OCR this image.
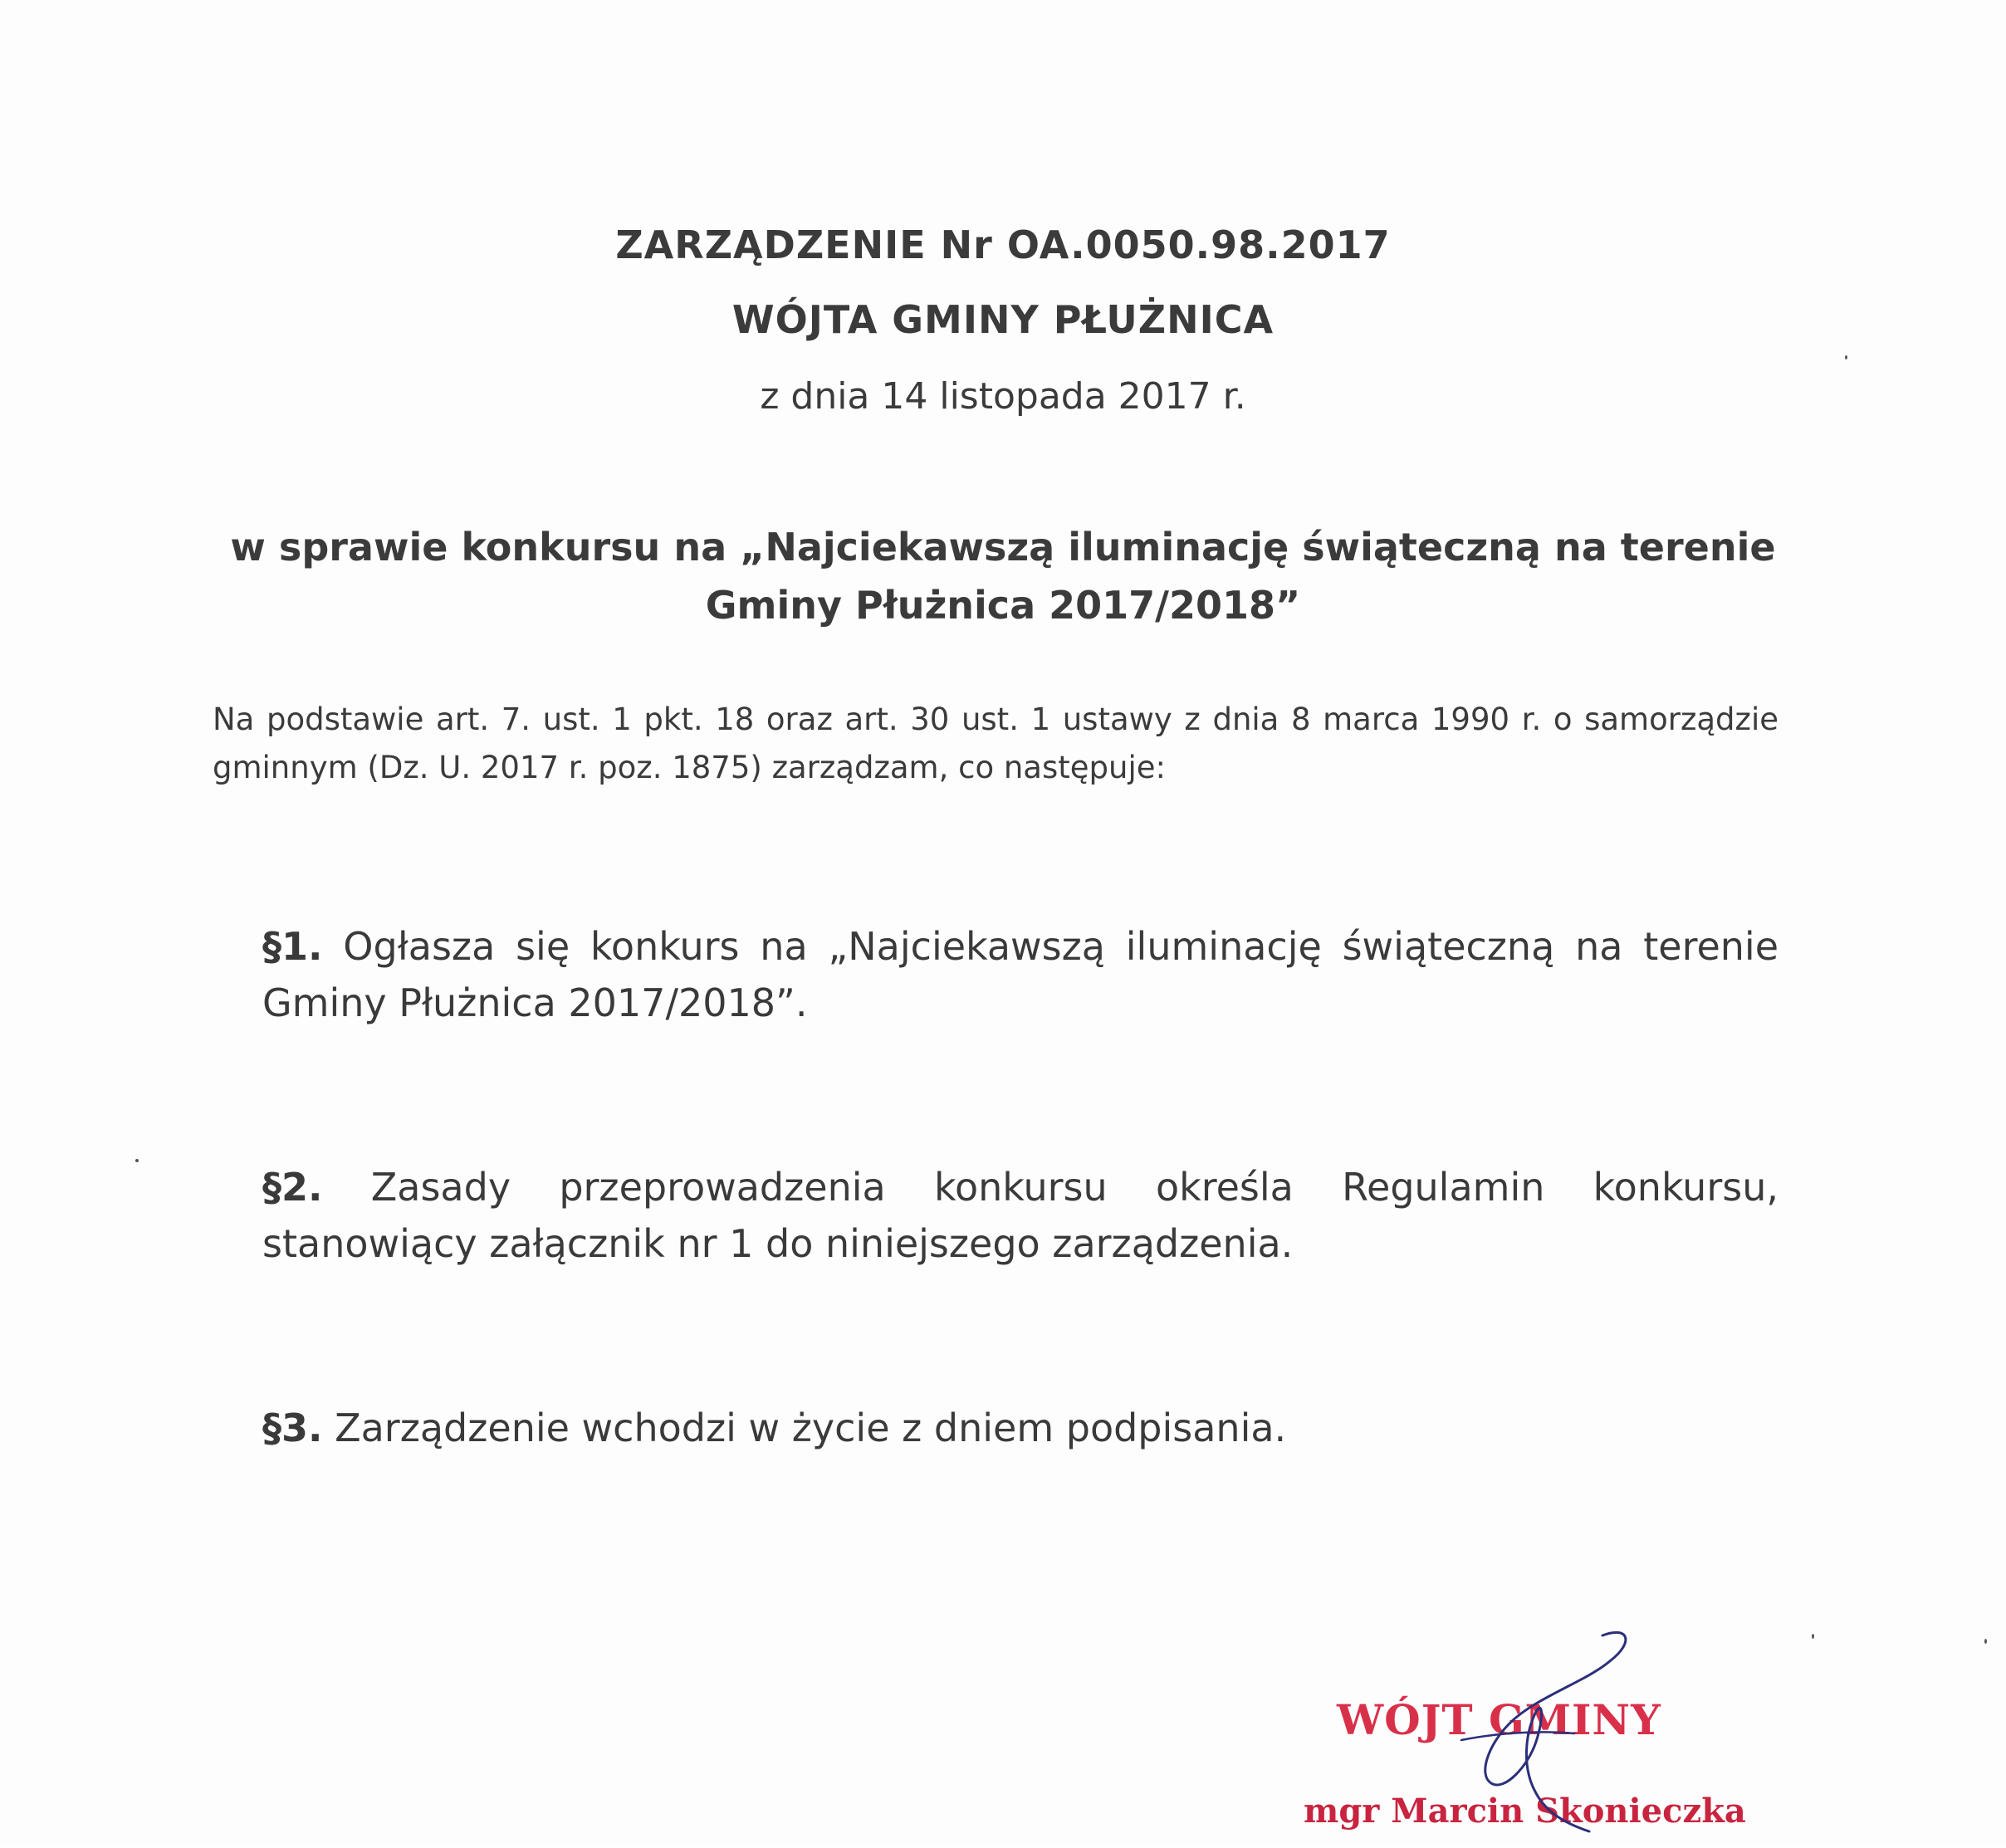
ZARZĄDZENIE Nr OA.0050.98.2017
WÓJTA GMINY PŁUŻNICA
z dnia 14 listopada 2017 r.
w sprawie konkursu na „Najciekawszą iluminację świąteczną na terenie
Gminy Płużnica 2017/2018”
Na podstawie art. 7. ust. 1 pkt. 18 oraz art. 30 ust. 1 ustawy z dnia 8 marca 1990 r. o samorządzie gminnym (Dz. U. 2017 r. poz. 1875) zarządzam, co następuje:
§1. Ogłasza się konkurs na „Najciekawszą iluminację świąteczną na terenie Gminy Płużnica 2017/2018”.
§2. Zasady przeprowadzenia konkursu określa Regulamin konkursu, stanowiący załącznik nr 1 do niniejszego zarządzenia.
§3. Zarządzenie wchodzi w życie z dniem podpisania.
WÓJT GMINY
mgr Marcin Skonieczka
